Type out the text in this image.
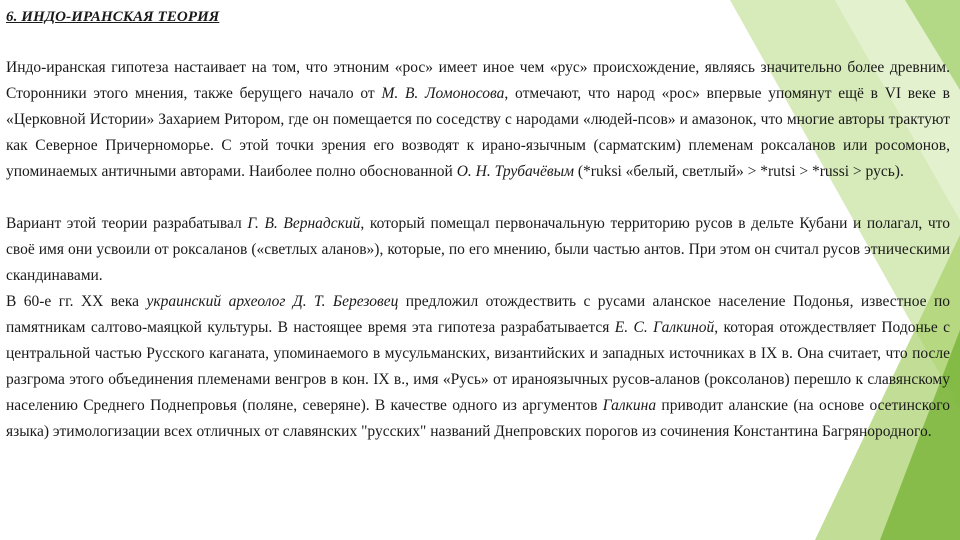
6. ИНДО-ИРАНСКАЯ ТЕОРИЯ

Индо-иранская гипотеза настаивает на том, что этноним «рос» имеет иное чем «рус» происхождение, являясь значительно более древним. Сторонники этого мнения, также берущего начало от М. В. Ломоносова, отмечают, что народ «рос» впервые упомянут ещё в VI веке в «Церковной Истории» Захарием Ритором, где он помещается по соседству с народами «людей-псов» и амазонок, что многие авторы трактуют как Северное Причерноморье. С этой точки зрения его возводят к ирано-язычным (сарматским) племенам роксаланов или росомонов, упоминаемых античными авторами. Наиболее полно обоснованной О. Н. Трубачёвым (*ruksi «белый, светлый» > *rutsi > *russi > русь).

Вариант этой теории разрабатывал Г. В. Вернадский, который помещал первоначальную территорию русов в дельте Кубани и полагал, что своё имя они усвоили от роксаланов («светлых аланов»), которые, по его мнению, были частью антов. При этом он считал русов этническими скандинавами.

В 60-е гг. XX века украинский археолог Д. Т. Березовец предложил отождествить с русами аланское население Подонья, известное по памятникам салтово-маяцкой культуры. В настоящее время эта гипотеза разрабатывается Е. С. Галкиной, которая отождествляет Подонье с центральной частью Русского каганата, упоминаемого в мусульманских, византийских и западных источниках в IX в. Она считает, что после разгрома этого объединения племенами венгров в кон. IX в., имя «Русь» от ираноязычных русов-аланов (роксоланов) перешло к славянскому населению Среднего Поднепровья (поляне, северяне). В качестве одного из аргументов Галкина приводит аланские (на основе осетинского языка) этимологизации всех отличных от славянских "русских" названий Днепровских порогов из сочинения Константина Багрянородного.
